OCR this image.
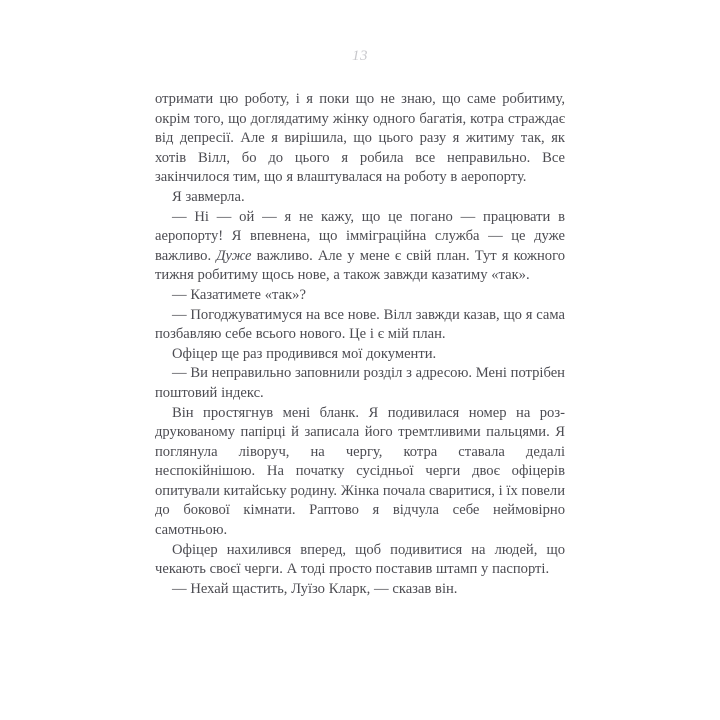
13

отримати цю роботу, і я поки що не знаю, що саме робитиму, окрім того, що доглядатиму жінку одного багатія, котра страждає від депресії. Але я вирішила, що цього разу я житиму так, як хотів Вілл, бо до цього я робила все неправильно. Все закінчилося тим, що я влаштувалася на роботу в аеропорту.

Я завмерла.

— Ні — ой — я не кажу, що це погано — працювати в аеропорту! Я впевнена, що імміграційна служба — це дуже важливо. Дуже важливо. Але у мене є свій план. Тут я кожного тижня робитиму щось нове, а також завжди казатиму «так».

— Казатимете «так»?

— Погоджуватимуся на все нове. Вілл завжди казав, що я сама позбавляю себе всього нового. Це і є мій план.

Офіцер ще раз продивився мої документи.

— Ви неправильно заповнили розділ з адресою. Мені потрібен поштовий індекс.

Він простягнув мені бланк. Я подивилася номер на роздрукованому папірці й записала його тремтливими пальцями. Я поглянула ліворуч, на чергу, котра ставала дедалі неспокійнішою. На початку сусідньої черги двоє офіцерів опитували китайську родину. Жінка почала сваритися, і їх повели до бокової кімнати. Раптово я відчула себе неймовірно самотньою.

Офіцер нахилився вперед, щоб подивитися на людей, що чекають своєї черги. А тоді просто поставив штамп у паспорті.

— Нехай щастить, Луїзо Кларк, — сказав він.
